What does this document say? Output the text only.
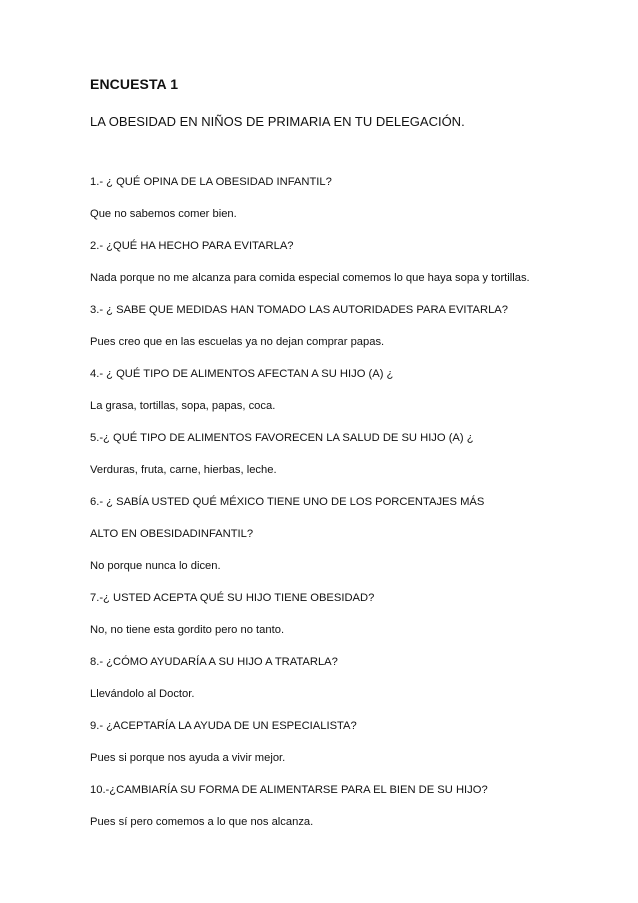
ENCUESTA 1
LA OBESIDAD EN NIÑOS DE PRIMARIA EN TU DELEGACIÓN.
1.- ¿ QUÉ OPINA DE LA OBESIDAD INFANTIL?
Que no sabemos comer bien.
2.- ¿QUÉ HA HECHO PARA EVITARLA?
Nada porque no me alcanza para comida especial comemos lo que haya sopa y tortillas.
3.- ¿ SABE QUE MEDIDAS HAN TOMADO LAS AUTORIDADES PARA EVITARLA?
Pues creo que en las escuelas ya no dejan comprar papas.
4.- ¿ QUÉ TIPO DE ALIMENTOS AFECTAN A SU HIJO (A) ¿
La grasa, tortillas, sopa, papas, coca.
5.-¿ QUÉ TIPO DE ALIMENTOS FAVORECEN LA SALUD DE SU HIJO (A) ¿
Verduras, fruta, carne, hierbas, leche.
6.- ¿ SABÍA USTED QUÉ MÉXICO TIENE UNO DE LOS PORCENTAJES MÁS
ALTO EN OBESIDADINFANTIL?
No porque nunca lo dicen.
7.-¿ USTED ACEPTA QUÉ SU HIJO TIENE OBESIDAD?
No, no tiene esta gordito pero no tanto.
8.- ¿CÓMO AYUDARÍA A SU HIJO A TRATARLA?
Llevándolo al Doctor.
9.- ¿ACEPTARÍA LA AYUDA DE UN ESPECIALISTA?
Pues si porque nos ayuda a vivir mejor.
10.-¿CAMBIARÍA SU FORMA DE ALIMENTARSE PARA EL BIEN DE SU HIJO?
Pues sí pero comemos a lo que nos alcanza.
